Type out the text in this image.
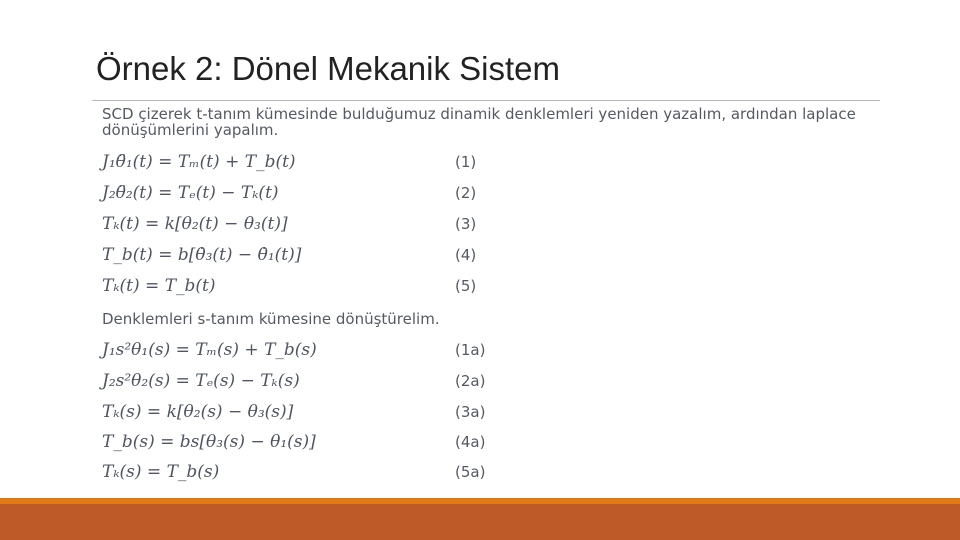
Örnek 2: Dönel Mekanik Sistem

SCD çizerek t-tanım kümesinde bulduğumuz dinamik denklemleri yeniden yazalım, ardından laplace dönüşümlerini yapalım.

J₁θ̈₁(t) = Tₘ(t) + T_b(t)	(1)
J₂θ̈₂(t) = Tₑ(t) − Tₖ(t)	(2)
Tₖ(t) = k[θ₂(t) − θ₃(t)]	(3)
T_b(t) = b[θ̇₃(t) − θ̇₁(t)]	(4)
Tₖ(t) = T_b(t)	(5)
Denklemleri s-tanım kümesine dönüştürelim.
J₁s²θ₁(s) = Tₘ(s) + T_b(s)	(1a)
J₂s²θ₂(s) = Tₑ(s) − Tₖ(s)	(2a)
Tₖ(s) = k[θ₂(s) − θ₃(s)]	(3a)
T_b(s) = bs[θ₃(s) − θ₁(s)]	(4a)
Tₖ(s) = T_b(s)	(5a)
